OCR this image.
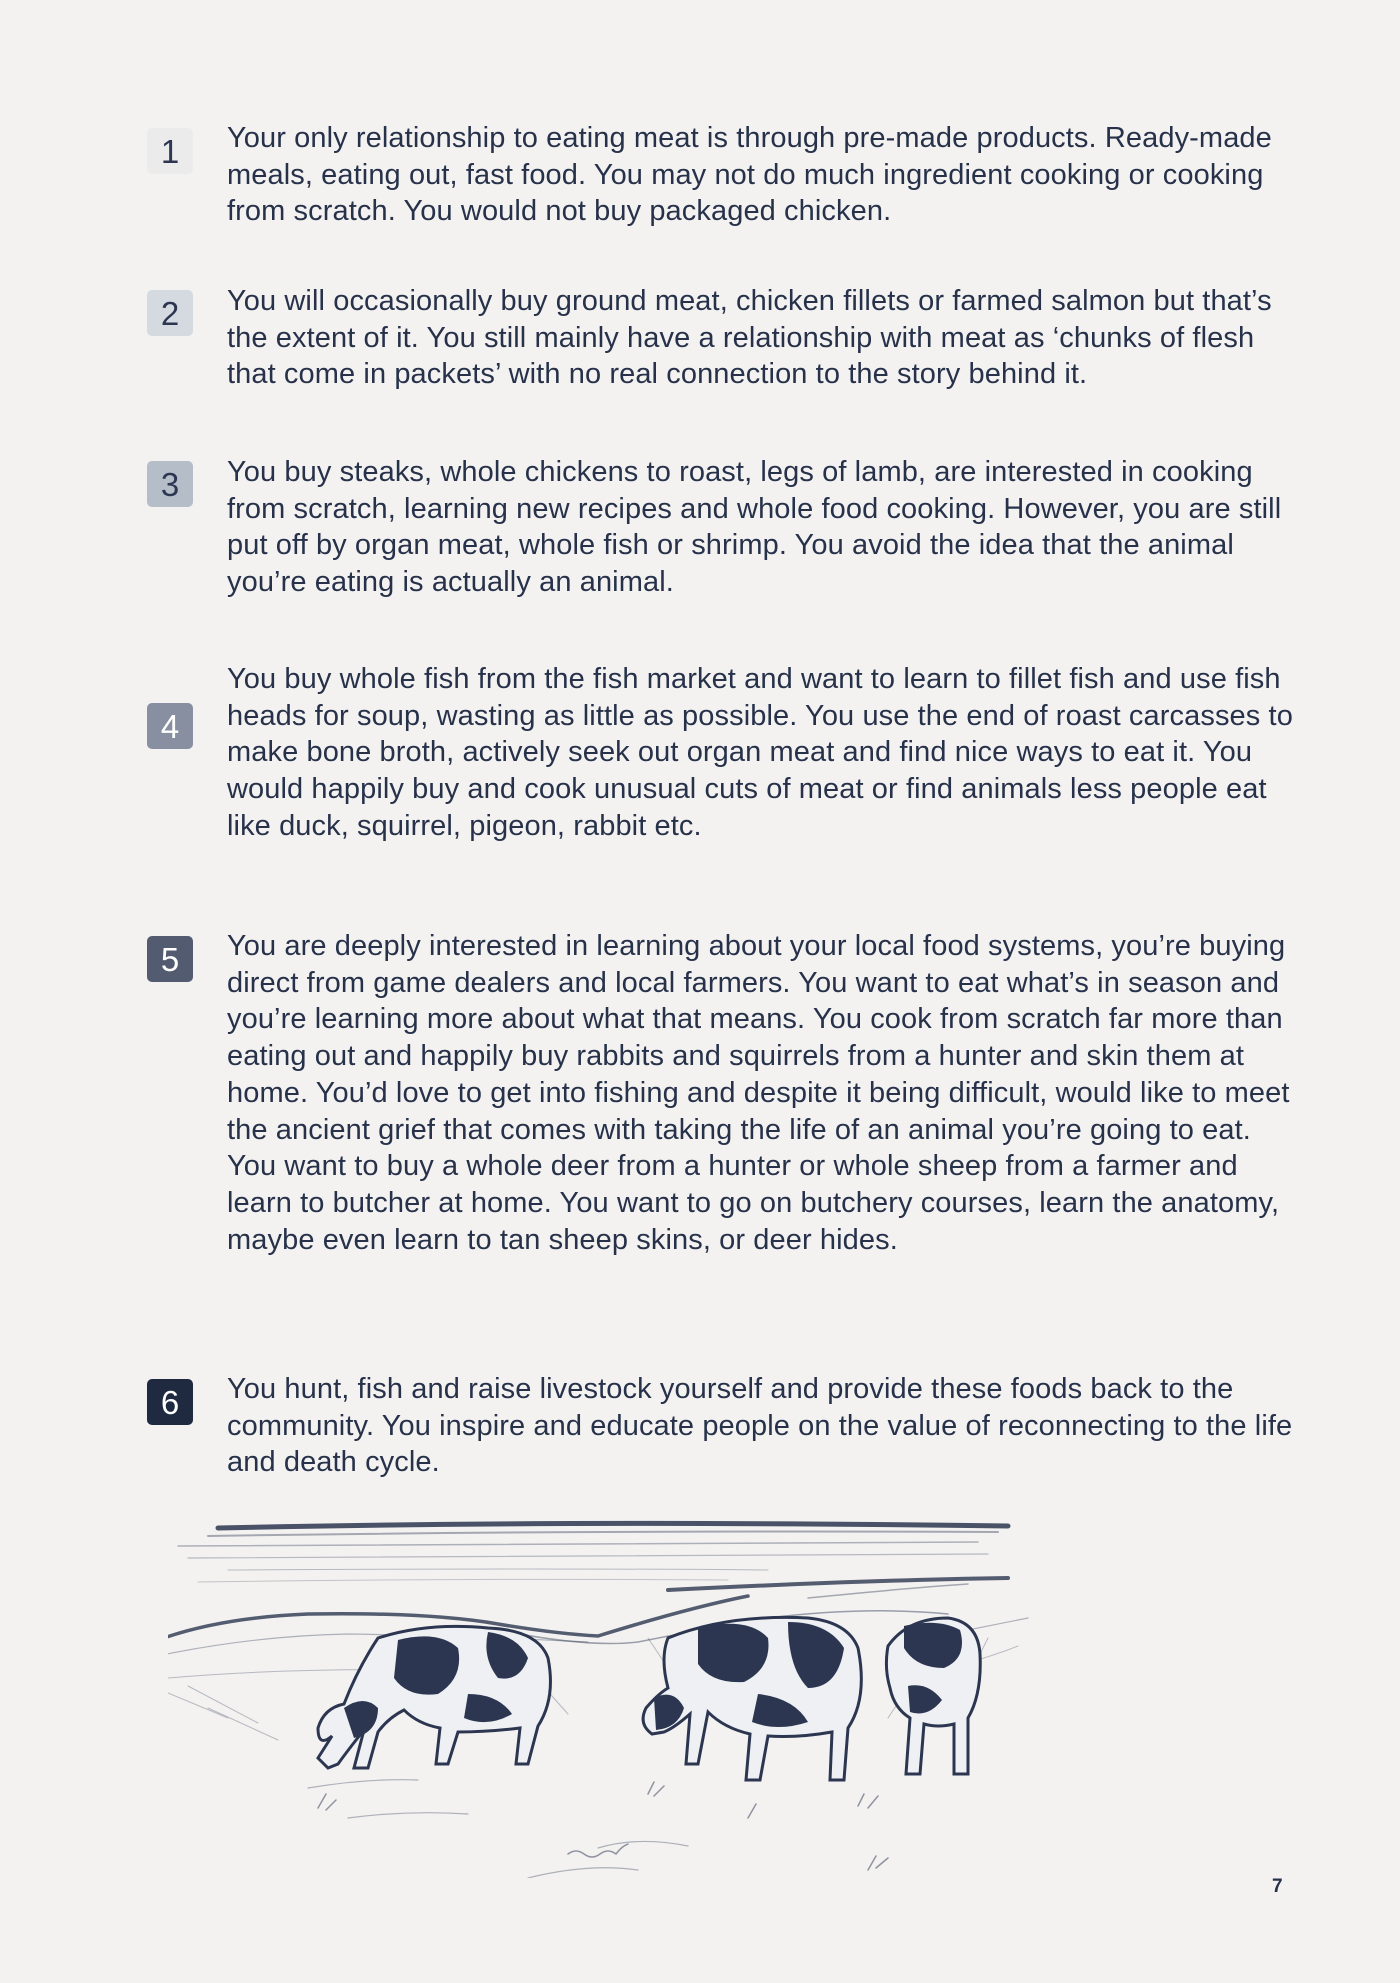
1	Your only relationship to eating meat is through pre-made products. Ready-made meals, eating out, fast food. You may not do much ingredient cooking or cooking from scratch. You would not buy packaged chicken.

2	You will occasionally buy ground meat, chicken fillets or farmed salmon but that’s the extent of it. You still mainly have a relationship with meat as ‘chunks of flesh that come in packets’ with no real connection to the story behind it.

3	You buy steaks, whole chickens to roast, legs of lamb, are interested in cooking from scratch, learning new recipes and whole food cooking. However, you are still put off by organ meat, whole fish or shrimp. You avoid the idea that the animal you’re eating is actually an animal.

4

You buy whole fish from the fish market and want to learn to fillet fish and use fish heads for soup, wasting as little as possible. You use the end of roast carcasses to make bone broth, actively seek out organ meat and find nice ways to eat it. You would happily buy and cook unusual cuts of meat or find animals less people eat like duck, squirrel, pigeon, rabbit etc.

5	You are deeply interested in learning about your local food systems, you’re buying direct from game dealers and local farmers. You want to eat what’s in season and you’re learning more about what that means. You cook from scratch far more than eating out and happily buy rabbits and squirrels from a hunter and skin them at home. You’d love to get into fishing and despite it being difficult, would like to meet the ancient grief that comes with taking the life of an animal you’re going to eat. You want to buy a whole deer from a hunter or whole sheep from a farmer and learn to butcher at home. You want to go on butchery courses, learn the anatomy, maybe even learn to tan sheep skins, or deer hides.

6	You hunt, fish and raise livestock yourself and provide these foods back to the community. You inspire and educate people on the value of reconnecting to the life and death cycle.

7
